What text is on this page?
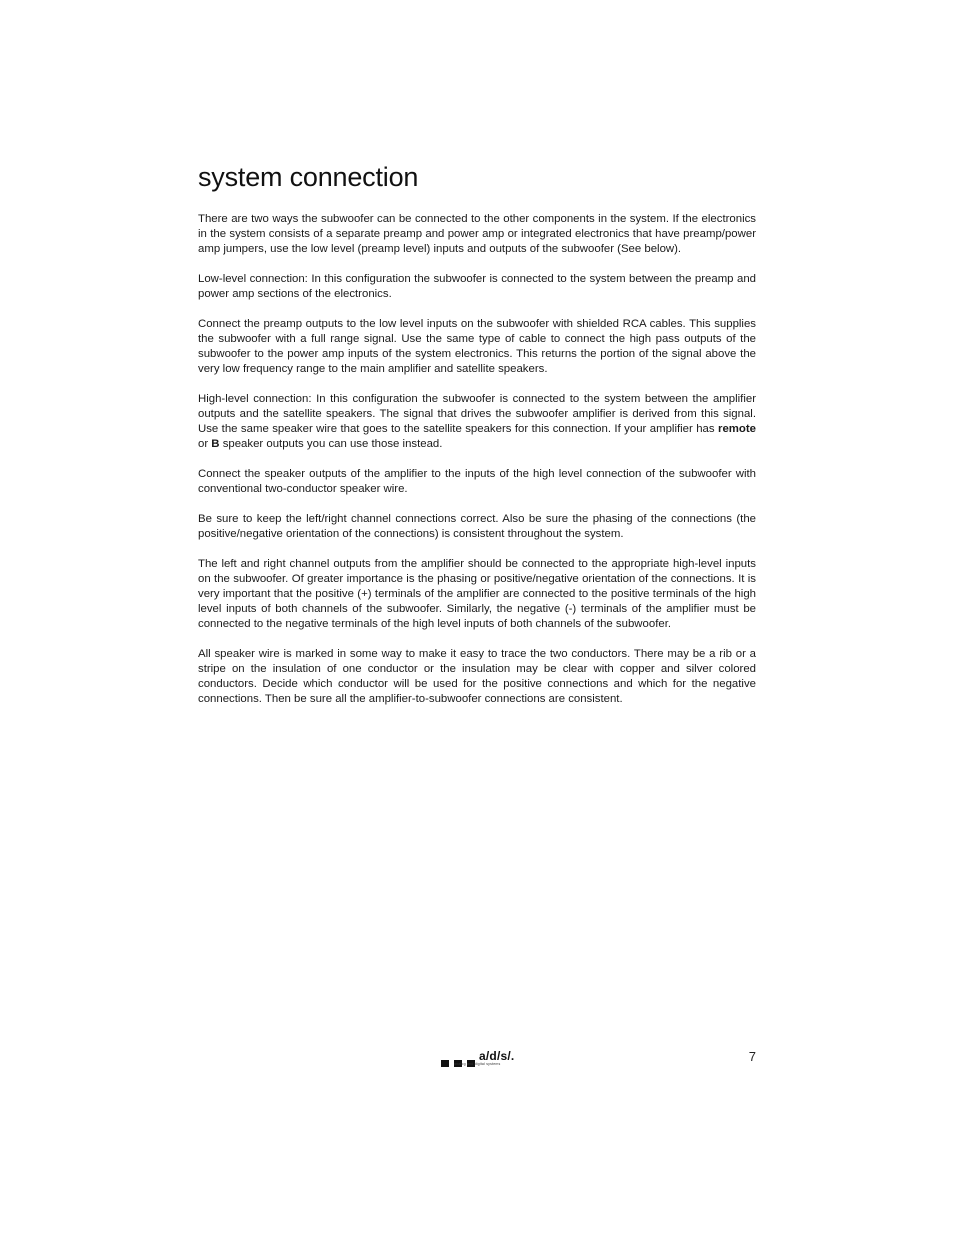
system connection

There are two ways the subwoofer can be connected to the other components in the system. If the electronics in the system consists of a separate preamp and power amp or integrated electronics that have preamp/power amp jumpers, use the low level (preamp level) inputs and outputs of the subwoofer (See below).

Low-level connection: In this configuration the subwoofer is connected to the system between the preamp and power amp sections of the electronics.

Connect the preamp outputs to the low level inputs on the subwoofer with shielded RCA cables. This supplies the subwoofer with a full range signal. Use the same type of cable to connect the high pass outputs of the subwoofer to the power amp inputs of the system electronics. This returns the portion of the signal above the very low frequency range to the main amplifier and satellite speakers.

High-level connection: In this configuration the subwoofer is connected to the system between the amplifier outputs and the satellite speakers. The signal that drives the subwoofer amplifier is derived from this signal. Use the same speaker wire that goes to the satellite speakers for this connection. If your amplifier has remote or B speaker outputs you can use those instead.

Connect the speaker outputs of the amplifier to the inputs of the high level connection of the subwoofer with conventional two-conductor speaker wire.

Be sure to keep the left/right channel connections correct. Also be sure the phasing of the connections (the positive/negative orientation of the connections) is consistent throughout the system.

The left and right channel outputs from the amplifier should be connected to the appropriate high-level inputs on the subwoofer. Of greater importance is the phasing or positive/negative orientation of the connections. It is very important that the positive (+) terminals of the amplifier are connected to the positive terminals of the high level inputs of both channels of the subwoofer. Similarly, the negative (-) terminals of the amplifier must be connected to the negative terminals of the high level inputs of both channels of the subwoofer.

All speaker wire is marked in some way to make it easy to trace the two conductors. There may be a rib or a stripe on the insulation of one conductor or the insulation may be clear with copper and silver colored conductors. Decide which conductor will be used for the positive connections and which for the negative connections. Then be sure all the amplifier-to-subwoofer connections are consistent.

a/d/s/.
analog and digital systems	7
